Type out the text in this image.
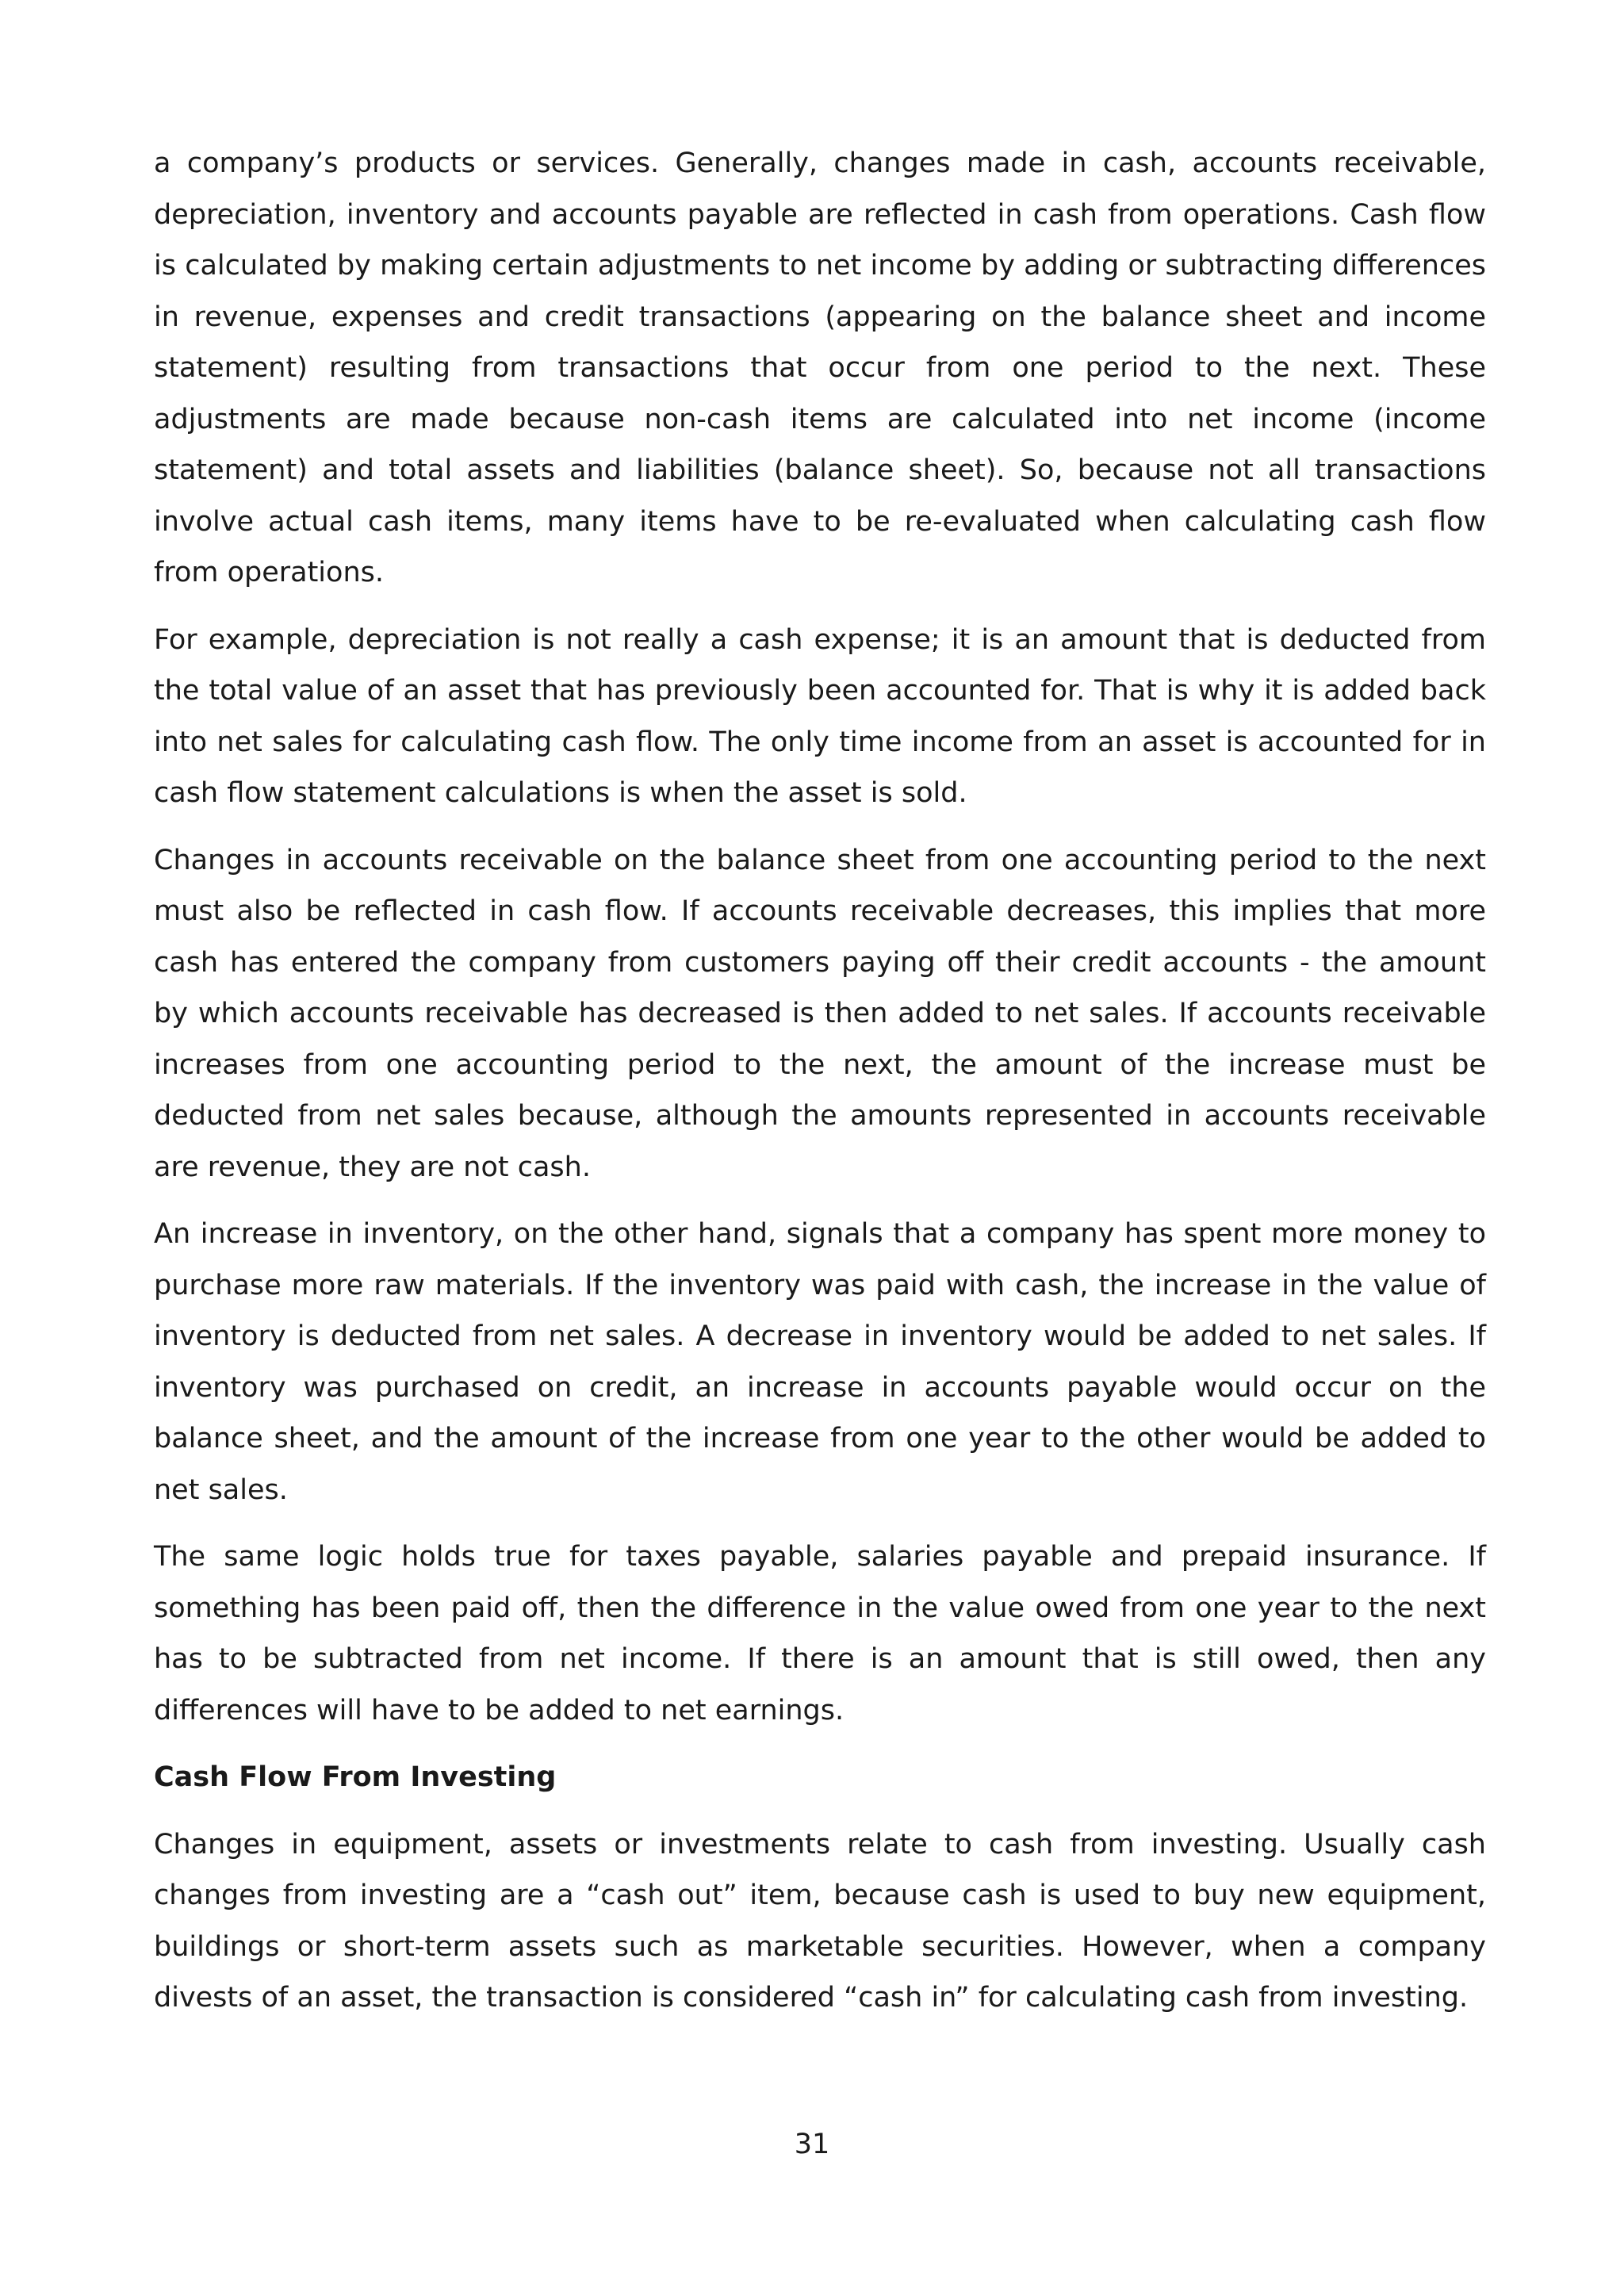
a company’s products or services. Generally, changes made in cash, accounts receivable, depreciation, inventory and accounts payable are reflected in cash from operations. Cash flow is calculated by making certain adjustments to net income by adding or subtracting differences in revenue, expenses and credit transactions (appearing on the balance sheet and income statement) resulting from transactions that occur from one period to the next. These adjustments are made because non-cash items are calculated into net income (income statement) and total assets and liabilities (balance sheet). So, because not all transactions involve actual cash items, many items have to be re-evaluated when calculating cash flow from operations.

For example, depreciation is not really a cash expense; it is an amount that is deducted from the total value of an asset that has previously been accounted for. That is why it is added back into net sales for calculating cash flow. The only time income from an asset is accounted for in cash flow statement calculations is when the asset is sold.

Changes in accounts receivable on the balance sheet from one accounting period to the next must also be reflected in cash flow. If accounts receivable decreases, this implies that more cash has entered the company from customers paying off their credit accounts - the amount by which accounts receivable has decreased is then added to net sales. If accounts receivable increases from one accounting period to the next, the amount of the increase must be deducted from net sales because, although the amounts represented in accounts receivable are revenue, they are not cash.

An increase in inventory, on the other hand, signals that a company has spent more money to purchase more raw materials. If the inventory was paid with cash, the increase in the value of inventory is deducted from net sales. A decrease in inventory would be added to net sales. If inventory was purchased on credit, an increase in accounts payable would occur on the balance sheet, and the amount of the increase from one year to the other would be added to net sales.

The same logic holds true for taxes payable, salaries payable and prepaid insurance. If something has been paid off, then the difference in the value owed from one year to the next has to be subtracted from net income. If there is an amount that is still owed, then any differences will have to be added to net earnings.

Cash Flow From Investing

Changes in equipment, assets or investments relate to cash from investing. Usually cash changes from investing are a “cash out” item, because cash is used to buy new equipment, buildings or short-term assets such as marketable securities. However, when a company divests of an asset, the transaction is considered “cash in” for calculating cash from investing.

31
